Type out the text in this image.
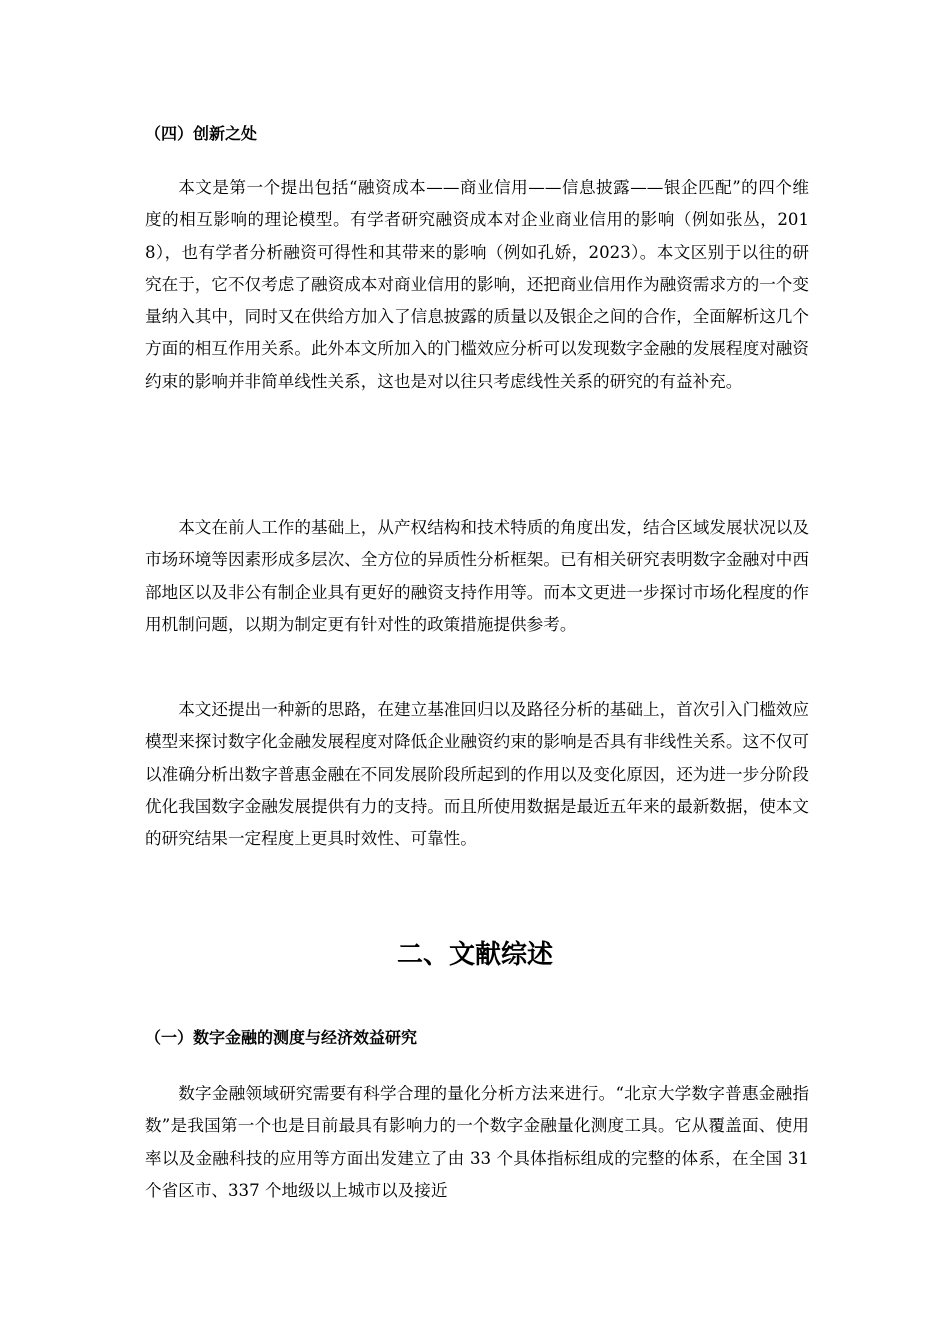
（四）创新之处

本文是第一个提出包括“融资成本——商业信用——信息披露——银企匹配”的四个维度的相互影响的理论模型。有学者研究融资成本对企业商业信用的影响（例如张丛，2018），也有学者分析融资可得性和其带来的影响（例如孔娇，2023）。本文区别于以往的研究在于，它不仅考虑了融资成本对商业信用的影响，还把商业信用作为融资需求方的一个变量纳入其中，同时又在供给方加入了信息披露的质量以及银企之间的合作，全面解析这几个方面的相互作用关系。此外本文所加入的门槛效应分析可以发现数字金融的发展程度对融资约束的影响并非简单线性关系，这也是对以往只考虑线性关系的研究的有益补充。

本文在前人工作的基础上，从产权结构和技术特质的角度出发，结合区域发展状况以及市场环境等因素形成多层次、全方位的异质性分析框架。已有相关研究表明数字金融对中西部地区以及非公有制企业具有更好的融资支持作用等。而本文更进一步探讨市场化程度的作用机制问题，以期为制定更有针对性的政策措施提供参考。

本文还提出一种新的思路，在建立基准回归以及路径分析的基础上，首次引入门槛效应模型来探讨数字化金融发展程度对降低企业融资约束的影响是否具有非线性关系。这不仅可以准确分析出数字普惠金融在不同发展阶段所起到的作用以及变化原因，还为进一步分阶段优化我国数字金融发展提供有力的支持。而且所使用数据是最近五年来的最新数据，使本文的研究结果一定程度上更具时效性、可靠性。

二、文献综述
（一）数字金融的测度与经济效益研究

数字金融领域研究需要有科学合理的量化分析方法来进行。“北京大学数字普惠金融指数”是我国第一个也是目前最具有影响力的一个数字金融量化测度工具。它从覆盖面、使用率以及金融科技的应用等方面出发建立了由 33 个具体指标组成的完整的体系，在全国 31 个省区市、337 个地级以上城市以及接近
